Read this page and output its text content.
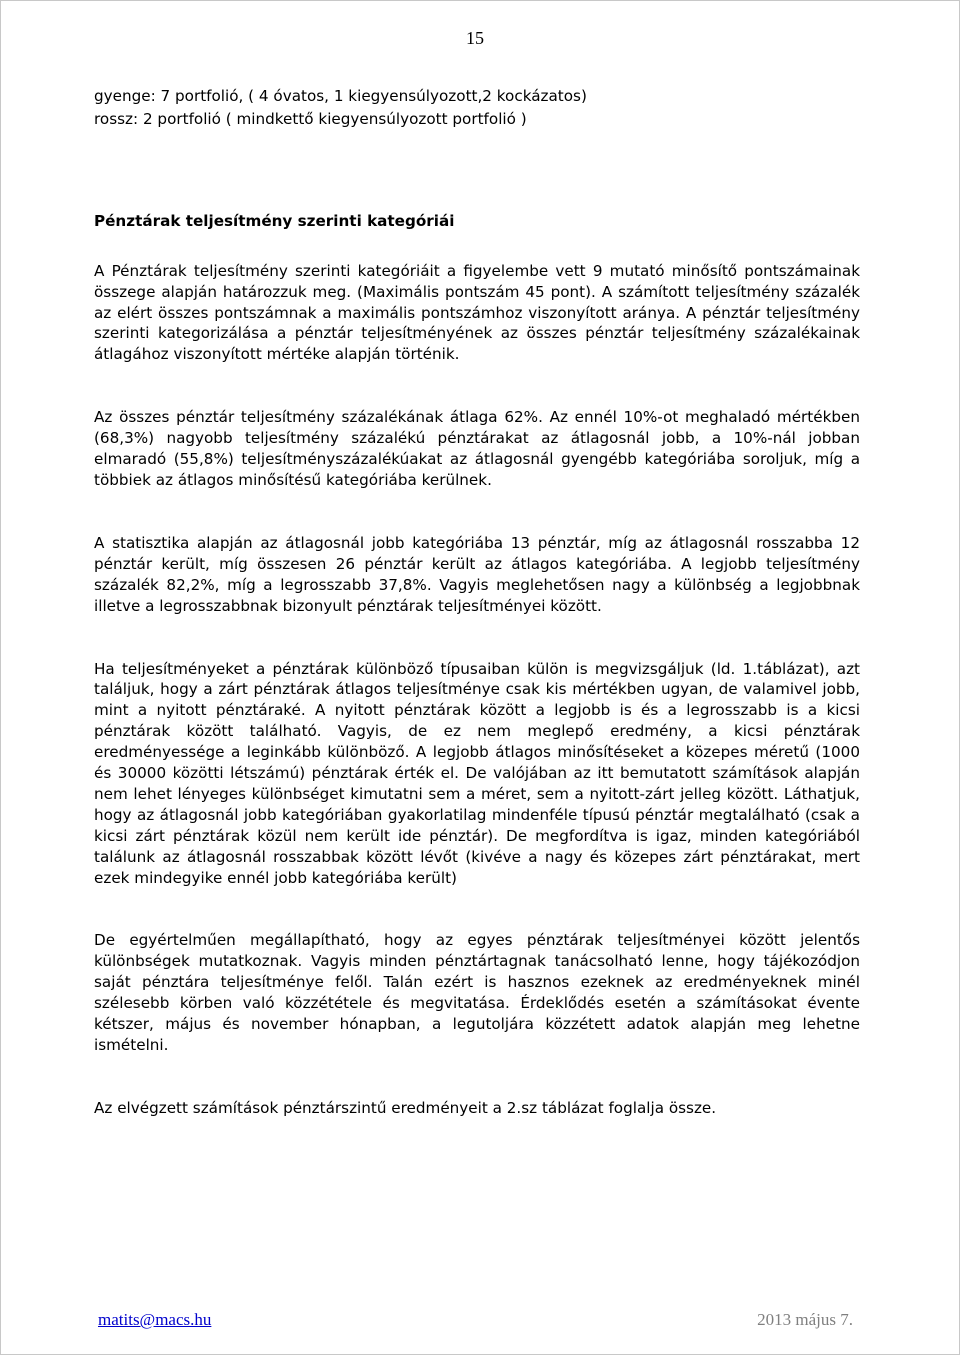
15

gyenge: 7 portfolió, ( 4 óvatos, 1 kiegyensúlyozott,2 kockázatos)

rossz: 2 portfolió ( mindkettő kiegyensúlyozott portfolió )

Pénztárak teljesítmény szerinti kategóriái

A Pénztárak teljesítmény szerinti kategóriáit a figyelembe vett 9 mutató minősítő pontszámainak összege alapján határozzuk meg. (Maximális pontszám 45 pont). A számított teljesítmény százalék az elért összes pontszámnak a maximális pontszámhoz viszonyított aránya. A pénztár teljesítmény szerinti kategorizálása a pénztár teljesítményének az összes pénztár teljesítmény százalékainak átlagához viszonyított mértéke alapján történik.

Az összes pénztár teljesítmény százalékának átlaga 62%. Az ennél 10%-ot meghaladó mértékben (68,3%) nagyobb teljesítmény százalékú pénztárakat az átlagosnál jobb, a 10%-nál jobban elmaradó (55,8%) teljesítményszázalékúakat az átlagosnál gyengébb kategóriába soroljuk, míg a többiek az átlagos minősítésű kategóriába kerülnek.

A statisztika alapján az átlagosnál jobb kategóriába 13 pénztár, míg az átlagosnál rosszabba 12 pénztár került, míg összesen 26 pénztár került az átlagos kategóriába. A legjobb teljesítmény százalék 82,2%, míg a legrosszabb 37,8%. Vagyis meglehetősen nagy a különbség a legjobbnak illetve a legrosszabbnak bizonyult pénztárak teljesítményei között.

Ha teljesítményeket a pénztárak különböző típusaiban külön is megvizsgáljuk (ld. 1.táblázat), azt találjuk, hogy a zárt pénztárak átlagos teljesítménye csak kis mértékben ugyan, de valamivel jobb, mint a nyitott pénztáraké. A nyitott pénztárak között a legjobb is és a legrosszabb is a kicsi pénztárak között található. Vagyis, de ez nem meglepő eredmény, a kicsi pénztárak eredményessége a leginkább különböző. A legjobb átlagos minősítéseket a közepes méretű (1000 és 30000 közötti létszámú) pénztárak érték el. De valójában az itt bemutatott számítások alapján nem lehet lényeges különbséget kimutatni sem a méret, sem a nyitott-zárt jelleg között. Láthatjuk, hogy az átlagosnál jobb kategóriában gyakorlatilag mindenféle típusú pénztár megtalálható (csak a kicsi zárt pénztárak közül nem került ide pénztár). De megfordítva is igaz, minden kategóriából találunk az átlagosnál rosszabbak között lévőt (kivéve a nagy és közepes zárt pénztárakat, mert ezek mindegyike ennél jobb kategóriába került)

De egyértelműen megállapítható, hogy az egyes pénztárak teljesítményei között jelentős különbségek mutatkoznak. Vagyis minden pénztártagnak tanácsolható lenne, hogy tájékozódjon saját pénztára teljesítménye felől. Talán ezért is hasznos ezeknek az eredményeknek minél szélesebb körben való közzététele és megvitatása. Érdeklődés esetén a számításokat évente kétszer, május és november hónapban, a legutoljára közzétett adatok alapján meg lehetne ismételni.

Az elvégzett számítások pénztárszintű eredményeit a 2.sz táblázat foglalja össze.

matits@macs.hu	2013 május 7.
